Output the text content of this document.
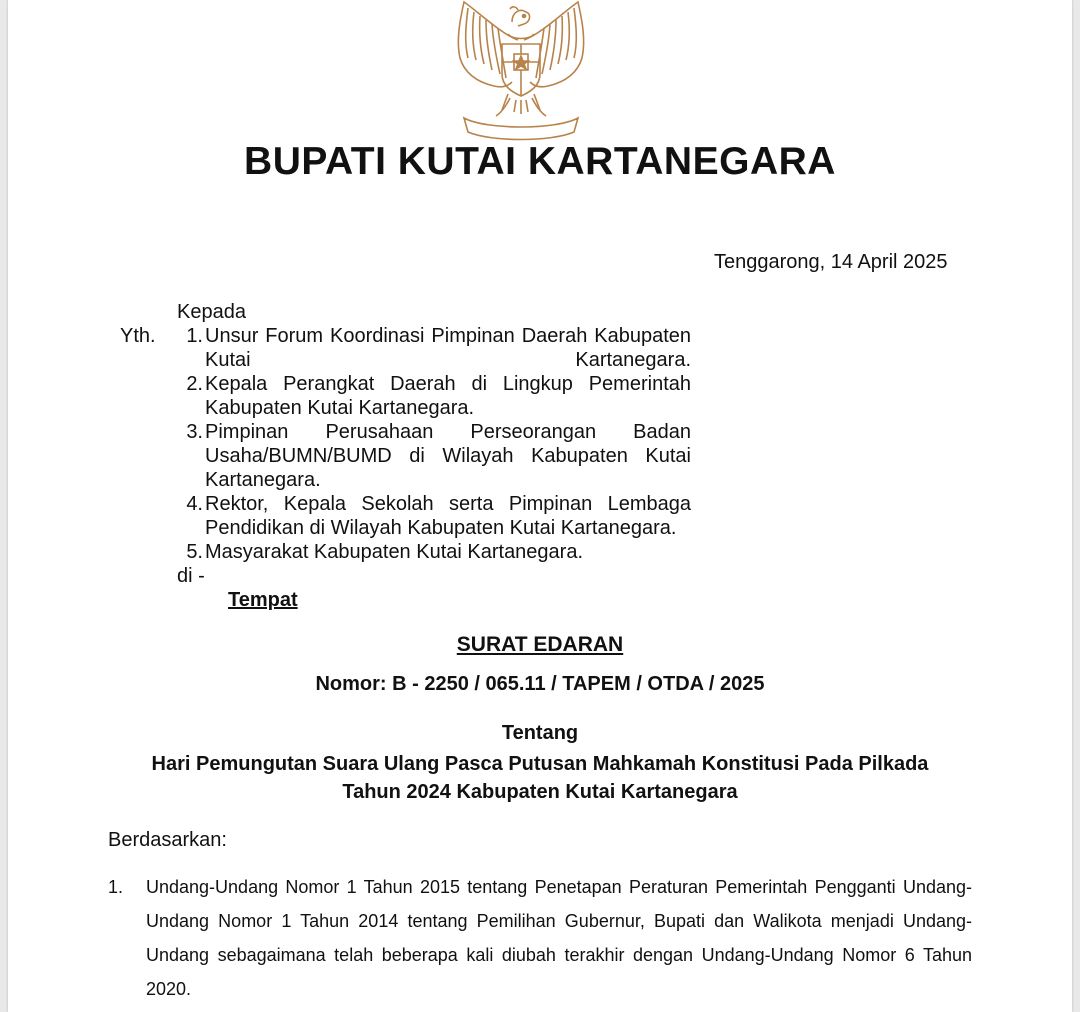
BUPATI KUTAI KARTANEGARA
Tenggarong, 14 April 2025
Kepada
Yth.	1. Unsur Forum Koordinasi Pimpinan Daerah Kabupaten Kutai Kartanegara.
2. Kepala Perangkat Daerah di Lingkup Pemerintah Kabupaten Kutai Kartanegara.
3. Pimpinan Perusahaan Perseorangan Badan Usaha/BUMN/BUMD di Wilayah Kabupaten Kutai Kartanegara.
4. Rektor, Kepala Sekolah serta Pimpinan Lembaga Pendidikan di Wilayah Kabupaten Kutai Kartanegara.
5. Masyarakat Kabupaten Kutai Kartanegara.
di -
Tempat
SURAT EDARAN
Nomor: B - 2250 / 065.11 / TAPEM / OTDA / 2025
Tentang
Hari Pemungutan Suara Ulang Pasca Putusan Mahkamah Konstitusi Pada Pilkada
Tahun 2024 Kabupaten Kutai Kartanegara
Berdasarkan:
1.	Undang-Undang Nomor 1 Tahun 2015 tentang Penetapan Peraturan Pemerintah Pengganti Undang-Undang Nomor 1 Tahun 2014 tentang Pemilihan Gubernur, Bupati dan Walikota menjadi Undang-Undang sebagaimana telah beberapa kali diubah terakhir dengan Undang-Undang Nomor 6 Tahun 2020.
